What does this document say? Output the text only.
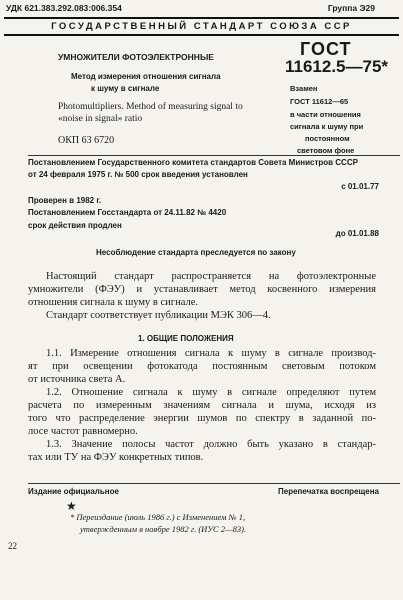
УДК 621.383.292.083:006.354	Группа Э29
ГОСУДАРСТВЕННЫЙ СТАНДАРТ СОЮЗА ССР
УМНОЖИТЕЛИ ФОТОЭЛЕКТРОННЫЕ
Метод измерения отношения сигнала
к шуму в сигнале
Photomultipliers. Method of measuring signal to
«noise in signal» ratio
ОКП 63 6720
ГОСТ
11612.5—75*
Взамен
ГОСТ 11612—65
в части отношения
сигнала к шуму при
постоянном
световом фоне
Постановлением Государственного комитета стандартов Совета Министров СССР
от 24 февраля 1975 г. № 500 срок введения установлен
с 01.01.77
Проверен в 1982 г.
Постановлением Госстандарта от 24.11.82 № 4420
срок действия продлен
до 01.01.88
Несоблюдение стандарта преследуется по закону
Настоящий стандарт распространяется на фотоэлектронные
умножители (ФЭУ) и устанавливает метод косвенного измерения
отношения сигнала к шуму в сигнале.
Стандарт соответствует публикации МЭК 306—4.
1. ОБЩИЕ ПОЛОЖЕНИЯ
1.1. Измерение отношения сигнала к шуму в сигнале производ-
ят при освещении фотокатода постоянным световым потоком
от источника света А.
1.2. Отношение сигнала к шуму в сигнале определяют путем
расчета по измеренным значениям сигнала и шума, исходя из
того что распределение энергии шумов по спектру в заданной по-
лосе частот равномерно.
1.3. Значение полосы частот должно быть указано в стандар-
тах или ТУ на ФЭУ конкретных типов.
Издание официальное	Перепечатка воспрещена
★
* Переиздание (июль 1986 г.) с Изменением № 1,
утвержденным в ноябре 1982 г. (ИУС 2—83).
22
